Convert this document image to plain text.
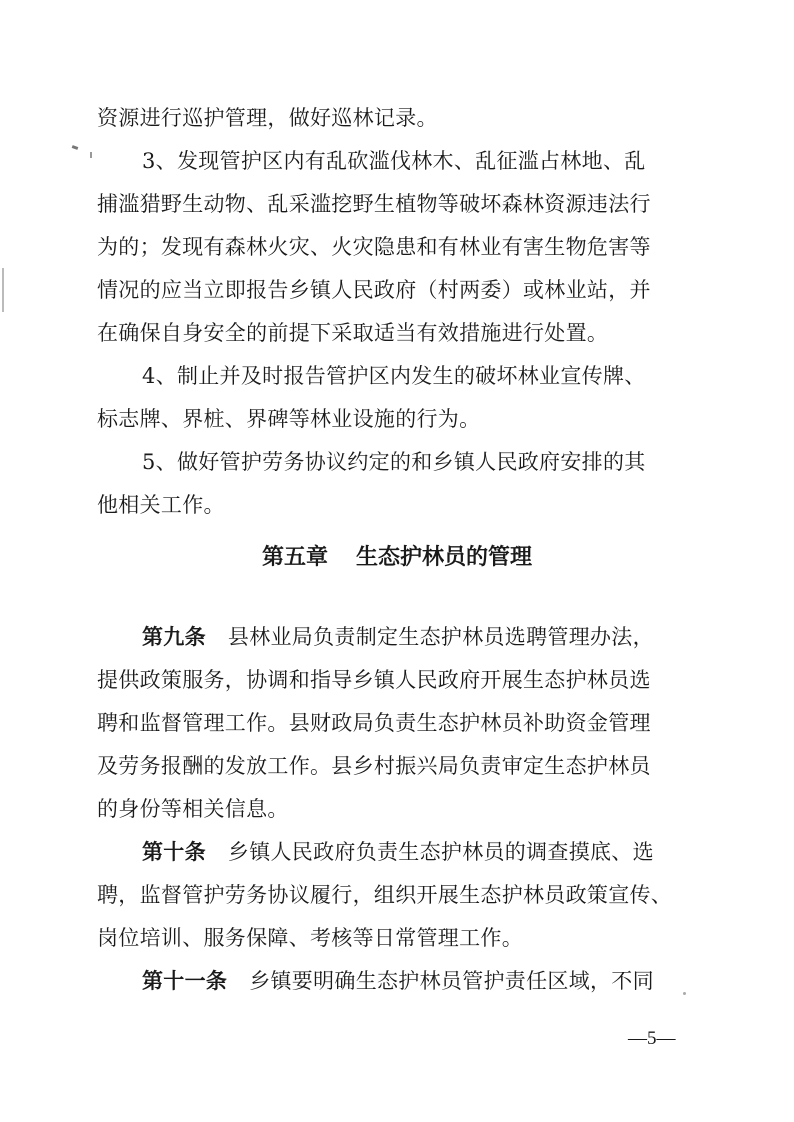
资源进行巡护管理，做好巡林记录。
3、发现管护区内有乱砍滥伐林木、乱征滥占林地、乱
捕滥猎野生动物、乱采滥挖野生植物等破坏森林资源违法行
为的；发现有森林火灾、火灾隐患和有林业有害生物危害等
情况的应当立即报告乡镇人民政府（村两委）或林业站，并
在确保自身安全的前提下采取适当有效措施进行处置。
4、制止并及时报告管护区内发生的破坏林业宣传牌、
标志牌、界桩、界碑等林业设施的行为。
5、做好管护劳务协议约定的和乡镇人民政府安排的其
他相关工作。
第五章 生态护林员的管理
第九条 县林业局负责制定生态护林员选聘管理办法，
提供政策服务，协调和指导乡镇人民政府开展生态护林员选
聘和监督管理工作。县财政局负责生态护林员补助资金管理
及劳务报酬的发放工作。县乡村振兴局负责审定生态护林员
的身份等相关信息。
第十条 乡镇人民政府负责生态护林员的调查摸底、选
聘，监督管护劳务协议履行，组织开展生态护林员政策宣传、
岗位培训、服务保障、考核等日常管理工作。
第十一条 乡镇要明确生态护林员管护责任区域，不同
—5—
